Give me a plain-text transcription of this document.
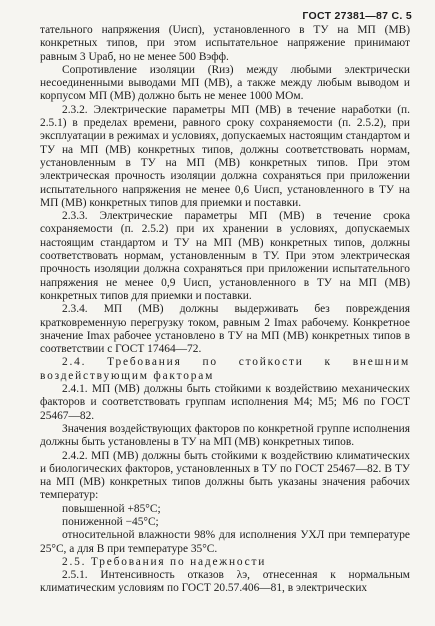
ГОСТ 27381—87 С. 5

тательного напряжения (Uисп), установленного в ТУ на МП (МВ) конкретных типов, при этом испытательное напряжение принимают равным 3 Uраб, но не менее 500 Вэфф.

Сопротивление изоляции (Rиз) между любыми электрически несоединенными выводами МП (МВ), а также между любым выводом и корпусом МП (МВ) должно быть не менее 1000 МОм.

2.3.2. Электрические параметры МП (МВ) в течение наработки (п. 2.5.1) в пределах времени, равного сроку сохраняемости (п. 2.5.2), при эксплуатации в режимах и условиях, допускаемых настоящим стандартом и ТУ на МП (МВ) конкретных типов, должны соответствовать нормам, установленным в ТУ на МП (МВ) конкретных типов. При этом электрическая прочность изоляции должна сохраняться при приложении испытательного напряжения не менее 0,6 Uисп, установленного в ТУ на МП (МВ) конкретных типов для приемки и поставки.

2.3.3. Электрические параметры МП (МВ) в течение срока сохраняемости (п. 2.5.2) при их хранении в условиях, допускаемых настоящим стандартом и ТУ на МП (МВ) конкретных типов, должны соответствовать нормам, установленным в ТУ. При этом электрическая прочность изоляции должна сохраняться при приложении испытательного напряжения не менее 0,9 Uисп, установленного в ТУ на МП (МВ) конкретных типов для приемки и поставки.

2.3.4. МП (МВ) должны выдерживать без повреждения кратковременную перегрузку током, равным 2 Imax рабочему. Конкретное значение Imax рабочее установлено в ТУ на МП (МВ) конкретных типов в соответствии с ГОСТ 17464—72.

2.4. Требования по стойкости к внешним воздействующим факторам

2.4.1. МП (МВ) должны быть стойкими к воздействию механических факторов и соответствовать группам исполнения М4; М5; М6 по ГОСТ 25467—82.

Значения воздействующих факторов по конкретной группе исполнения должны быть установлены в ТУ на МП (МВ) конкретных типов.

2.4.2. МП (МВ) должны быть стойкими к воздействию климатических и биологических факторов, установленных в ТУ по ГОСТ 25467—82. В ТУ на МП (МВ) конкретных типов должны быть указаны значения рабочих температур:

повышенной +85°С;

пониженной −45°С;

относительной влажности 98% для исполнения УХЛ при температуре 25°С, а для В при температуре 35°С.

2.5. Требования по надежности

2.5.1. Интенсивность отказов λэ, отнесенная к нормальным климатическим условиям по ГОСТ 20.57.406—81, в электрических
